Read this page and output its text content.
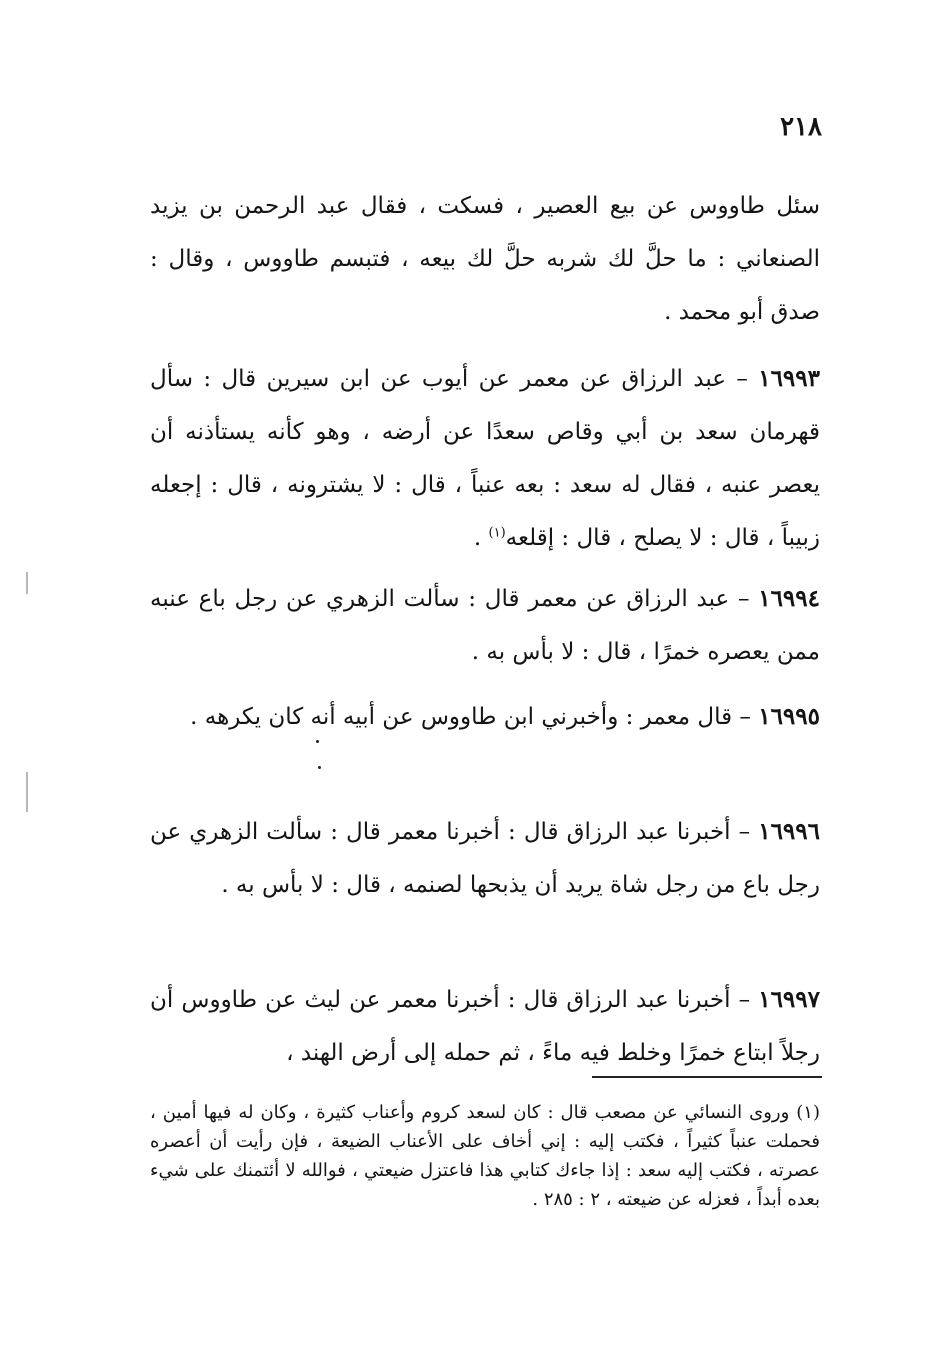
٢١٨

سئل طاووس عن بيع العصير ، فسكت ، فقال عبد الرحمن بن يزيد الصنعاني : ما حلَّ لك شربه حلَّ لك بيعه ، فتبسم طاووس ، وقال : صدق أبو محمد .

١٦٩٩٣ – عبد الرزاق عن معمر عن أيوب عن ابن سيرين قال : سأل قهرمان سعد بن أبي وقاص سعدًا عن أرضه ، وهو كأنه يستأذنه أن يعصر عنبه ، فقال له سعد : بعه عنباً ، قال : لا يشترونه ، قال : إجعله زبيباً ، قال : لا يصلح ، قال : إقلعه$^{(١)}$ .

١٦٩٩٤ – عبد الرزاق عن معمر قال : سألت الزهري عن رجل باع عنبه ممن يعصره خمرًا ، قال : لا بأس به .

١٦٩٩٥ – قال معمر : وأخبرني ابن طاووس عن أبيه أنه كان يكرهه .

١٦٩٩٦ – أخبرنا عبد الرزاق قال : أخبرنا معمر قال : سألت الزهري عن رجل باع من رجل شاة يريد أن يذبحها لصنمه ، قال : لا بأس به .

١٦٩٩٧ – أخبرنا عبد الرزاق قال : أخبرنا معمر عن ليث عن طاووس أن رجلاً ابتاع خمرًا وخلط فيه ماءً ، ثم حمله إلى أرض الهند ،

(١) وروى النسائي عن مصعب قال : كان لسعد كروم وأعناب كثيرة ، وكان له فيها أمين ، فحملت عنباً كثيراً ، فكتب إليه : إني أخاف على الأعناب الضيعة ، فإن رأيت أن أعصره عصرته ، فكتب إليه سعد : إذا جاءك كتابي هذا فاعتزل ضيعتي ، فوالله لا أئتمنك على شيء بعده أبداً ، فعزله عن ضيعته ، ٢ : ٢٨٥ .
